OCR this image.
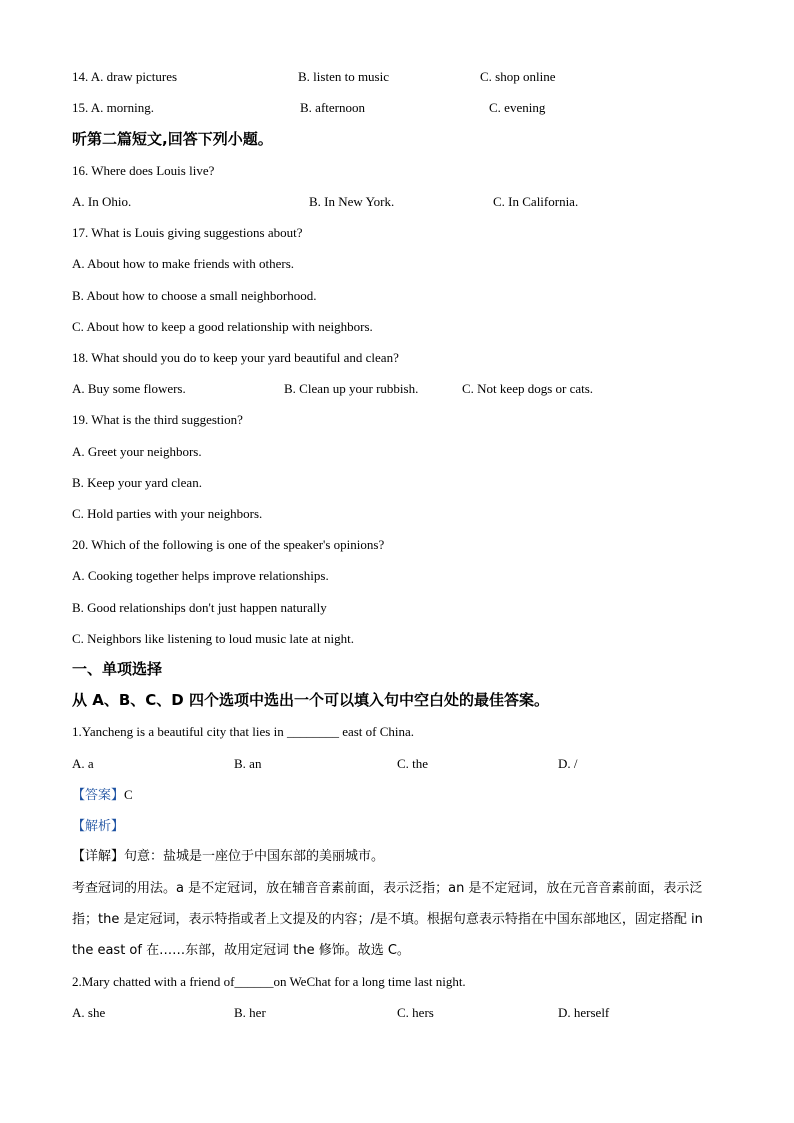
14. A. draw pictures	B. listen to music	C. shop online
15. A. morning.	B. afternoon	C. evening
听第二篇短文,回答下列小题。
16. Where does Louis live?
A. In Ohio.	B. In New York.	C. In California.
17. What is Louis giving suggestions about?
A. About how to make friends with others.
B. About how to choose a small neighborhood.
C. About how to keep a good relationship with neighbors.
18. What should you do to keep your yard beautiful and clean?
A. Buy some flowers.	B. Clean up your rubbish.	C. Not keep dogs or cats.
19. What is the third suggestion?
A. Greet your neighbors.
B. Keep your yard clean.
C. Hold parties with your neighbors.
20. Which of the following is one of the speaker's opinions?
A. Cooking together helps improve relationships.
B. Good relationships don't just happen naturally
C. Neighbors like listening to loud music late at night.
一、单项选择
从 A、B、C、D 四个选项中选出一个可以填入句中空白处的最佳答案。
1.Yancheng is a beautiful city that lies in ________ east of China.
A. a	B. an	C. the	D. /
【答案】C
【解析】
【详解】句意：盐城是一座位于中国东部的美丽城市。
考查冠词的用法。a 是不定冠词，放在辅音音素前面，表示泛指；an 是不定冠词，放在元音音素前面，表示泛指；the 是定冠词，表示特指或者上文提及的内容；/是不填。根据句意表示特指在中国东部地区，固定搭配 in the east of 在……东部，故用定冠词 the 修饰。故选 C。
2.Mary chatted with a friend of______on WeChat for a long time last night.
A. she	B. her	C. hers	D. herself
